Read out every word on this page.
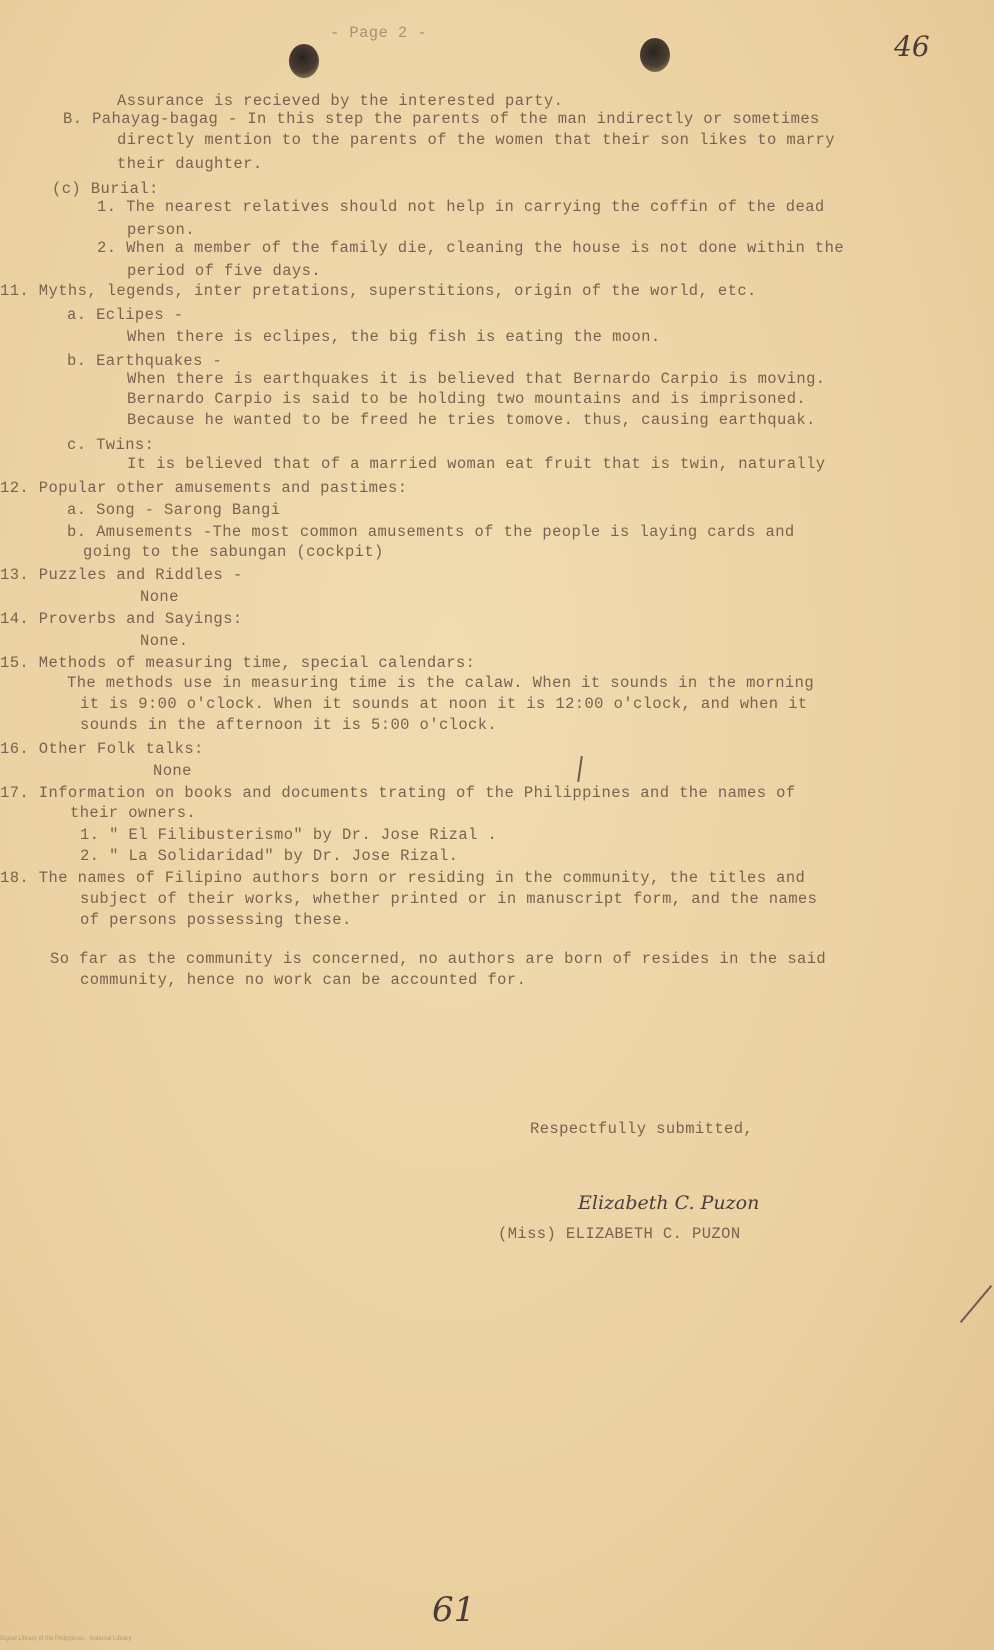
- Page 2 -	46
Assurance is recieved by the interested party.
B. Pahayag-bagag - In this step the parents of the man indirectly or sometimes
directly mention to the parents of the women that their son likes to marry
their daughter.
(c) Burial:
1. The nearest relatives should not help in carrying the coffin of the dead
person.
2. When a member of the family die, cleaning the house is not done within the
period of five days.
11. Myths, legends, inter pretations, superstitions, origin of the world, etc.
a. Eclipes -
When there is eclipes, the big fish is eating the moon.
b. Earthquakes -
When there is earthquakes it is believed that Bernardo Carpio is moving.
Bernardo Carpio is said to be holding two mountains and is imprisoned.
Because he wanted to be freed he tries tomove. thus, causing earthquak.
c. Twins:
It is believed that of a married woman eat fruit that is twin, naturally
12. Popular other amusements and pastimes:
a. Song - Sarong Bangi
b. Amusements -The most common amusements of the people is laying cards and
going to the sabungan (cockpit)
13. Puzzles and Riddles -
None
14. Proverbs and Sayings:
None.
15. Methods of measuring time, special calendars:
The methods use in measuring time is the calaw. When it sounds in the morning
it is 9:00 o'clock. When it sounds at noon it is 12:00 o'clock, and when it
sounds in the afternoon it is 5:00 o'clock.
16. Other Folk talks:
None
17. Information on books and documents trating of the Philippines and the names of
their owners.
1. " El Filibusterismo" by Dr. Jose Rizal .
2. " La Solidaridad" by Dr. Jose Rizal.
18. The names of Filipino authors born or residing in the community, the titles and
subject of their works, whether printed or in manuscript form, and the names
of persons possessing these.
So far as the community is concerned, no authors are born of resides in the said
community, hence no work can be accounted for.
Respectfully submitted,
Elizabeth C. Puzon
(Miss) ELIZABETH C. PUZON
61
Digital Library of the Philippines · National Library
